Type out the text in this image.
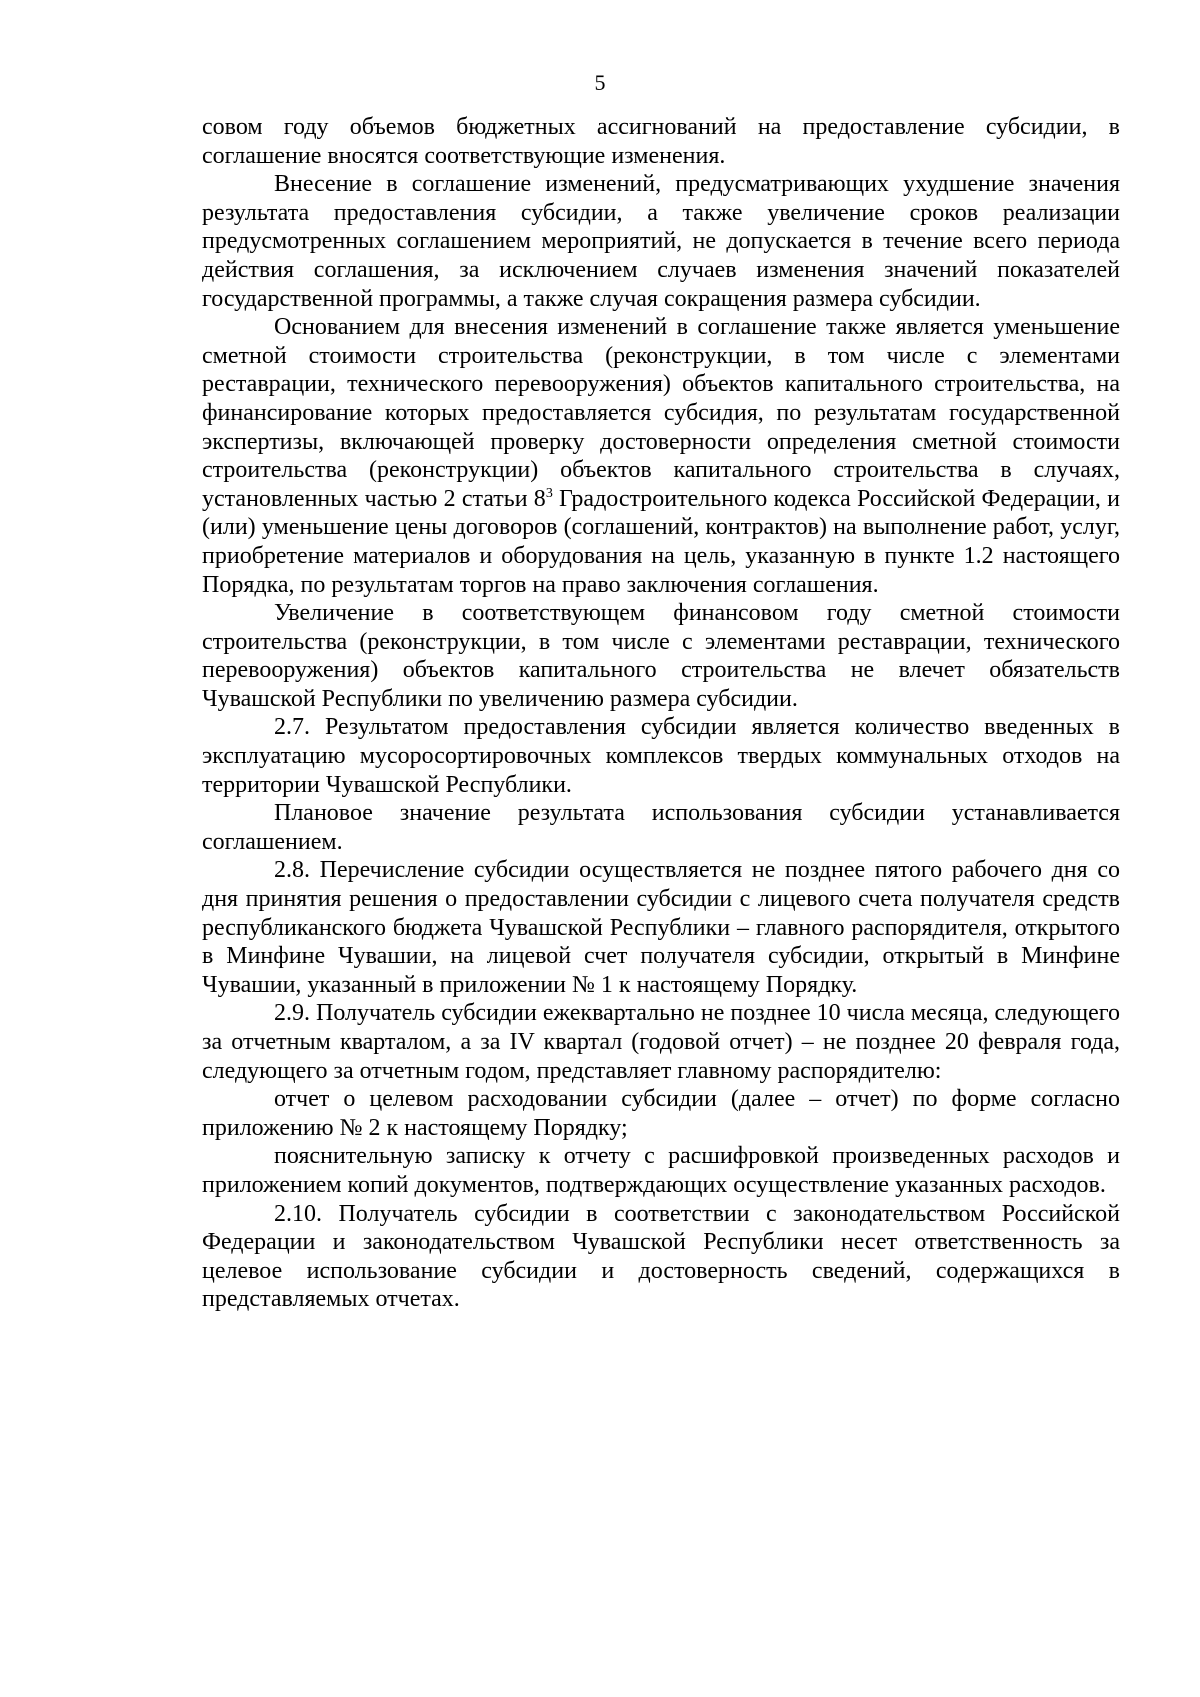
5

совом году объемов бюджетных ассигнований на предоставление субсидии, в соглашение вносятся соответствующие изменения.

Внесение в соглашение изменений, предусматривающих ухудшение значения результата предоставления субсидии, а также увеличение сроков реализации предусмотренных соглашением мероприятий, не допускается в течение всего периода действия соглашения, за исключением случаев изменения значений показателей государственной программы, а также случая сокращения размера субсидии.

Основанием для внесения изменений в соглашение также является уменьшение сметной стоимости строительства (реконструкции, в том числе с элементами реставрации, технического перевооружения) объектов капитального строительства, на финансирование которых предоставляется субсидия, по результатам государственной экспертизы, включающей проверку достоверности определения сметной стоимости строительства (реконструкции) объектов капитального строительства в случаях, установленных частью 2 статьи $8^3$ Градостроительного кодекса Российской Федерации, и (или) уменьшение цены договоров (соглашений, контрактов) на выполнение работ, услуг, приобретение материалов и оборудования на цель, указанную в пункте 1.2 настоящего Порядка, по результатам торгов на право заключения соглашения.

Увеличение в соответствующем финансовом году сметной стоимости строительства (реконструкции, в том числе с элементами реставрации, технического перевооружения) объектов капитального строительства не влечет обязательств Чувашской Республики по увеличению размера субсидии.

2.7. Результатом предоставления субсидии является количество введенных в эксплуатацию мусоросортировочных комплексов твердых коммунальных отходов на территории Чувашской Республики.

Плановое значение результата использования субсидии устанавливается соглашением.

2.8. Перечисление субсидии осуществляется не позднее пятого рабочего дня со дня принятия решения о предоставлении субсидии с лицевого счета получателя средств республиканского бюджета Чувашской Республики – главного распорядителя, открытого в Минфине Чувашии, на лицевой счет получателя субсидии, открытый в Минфине Чувашии, указанный в приложении № 1 к настоящему Порядку.

2.9. Получатель субсидии ежеквартально не позднее 10 числа месяца, следующего за отчетным кварталом, а за IV квартал (годовой отчет) – не позднее 20 февраля года, следующего за отчетным годом, представляет главному распорядителю:

отчет о целевом расходовании субсидии (далее – отчет) по форме согласно приложению № 2 к настоящему Порядку;

пояснительную записку к отчету с расшифровкой произведенных расходов и приложением копий документов, подтверждающих осуществление указанных расходов.

2.10. Получатель субсидии в соответствии с законодательством Российской Федерации и законодательством Чувашской Республики несет ответственность за целевое использование субсидии и достоверность сведений, содержащихся в представляемых отчетах.
